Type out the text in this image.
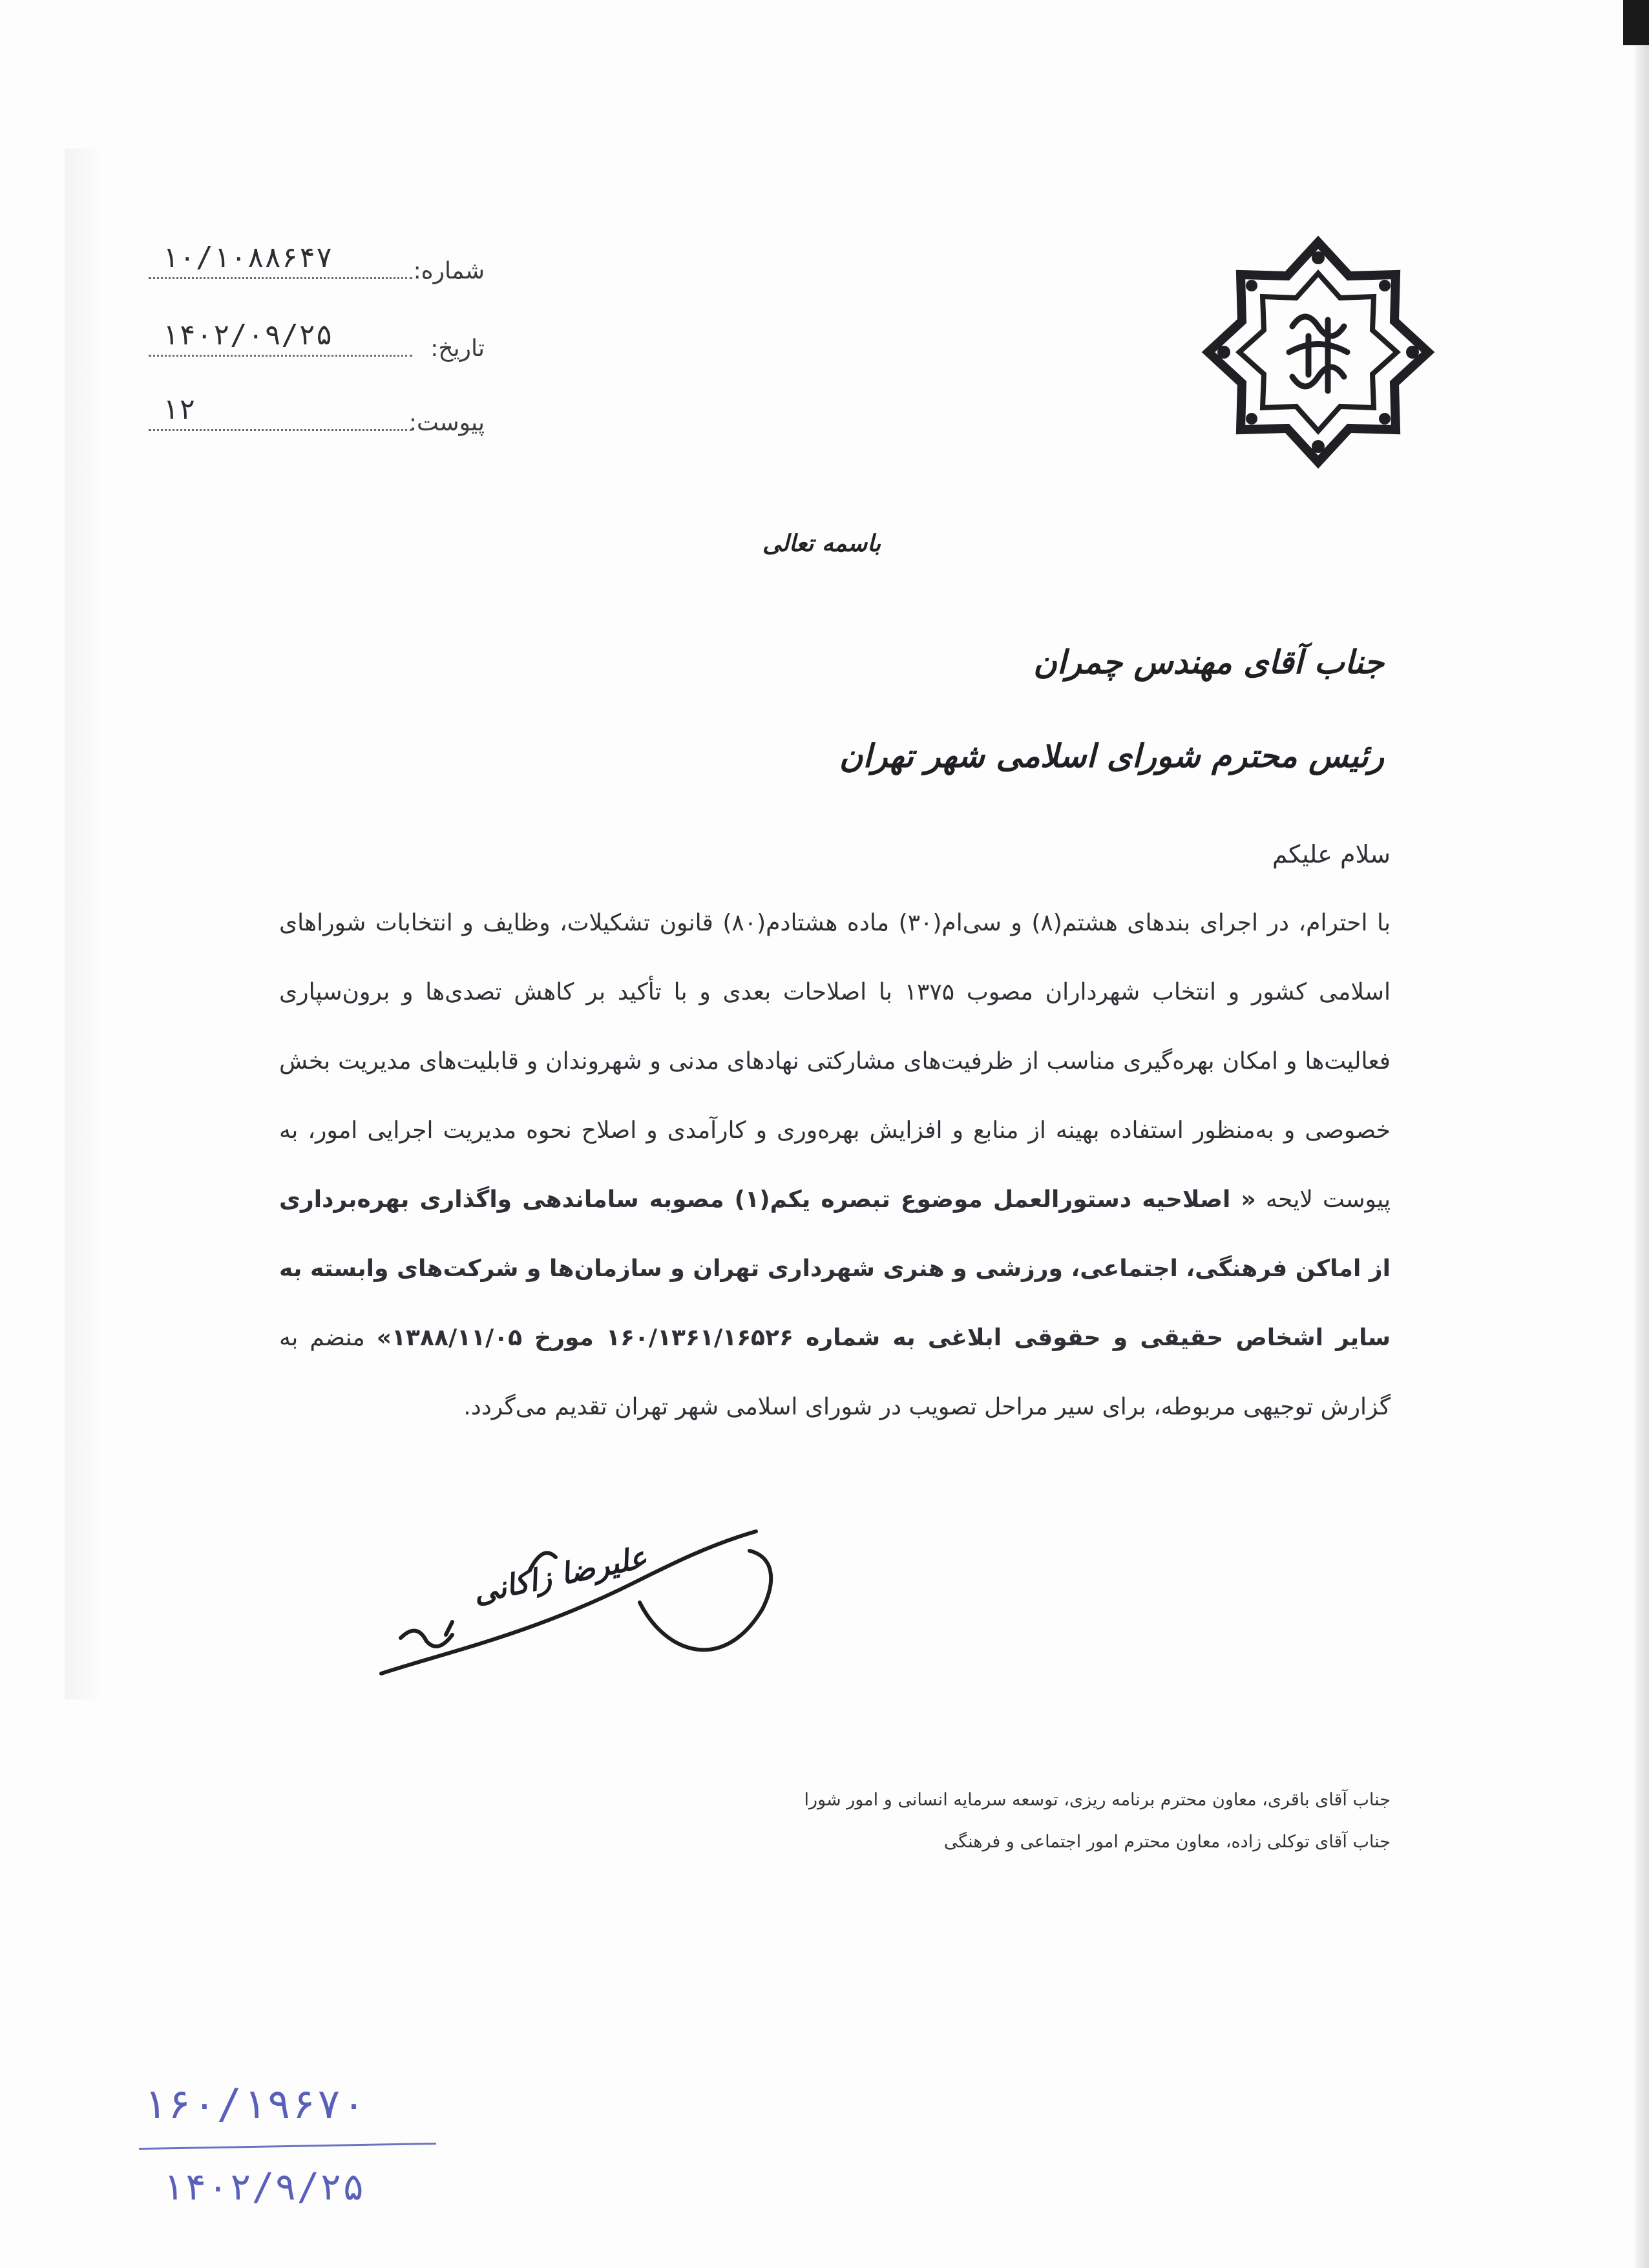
شماره:
۱۰/۱۰۸۸۶۴۷
تاریخ:
۱۴۰۲/۰۹/۲۵
پیوست:
۱۲
باسمه تعالی
جناب آقای مهندس چمران
رئیس محترم شورای اسلامی شهر تهران
سلام علیکم
با احترام، در اجرای بندهای هشتم(۸) و سی‌ام(۳۰) ماده هشتادم(۸۰) قانون تشکیلات، وظایف و انتخابات شوراهای اسلامی کشور و انتخاب شهرداران مصوب ۱۳۷۵ با اصلاحات بعدی و با تأکید بر کاهش تصدی‌ها و برون‌سپاری فعالیت‌ها و امکان بهره‌گیری مناسب از ظرفیت‌های مشارکتی نهادهای مدنی و شهروندان و قابلیت‌های مدیریت بخش خصوصی و به‌منظور استفاده بهینه از منابع و افزایش بهره‌وری و کارآمدی و اصلاح نحوه مدیریت اجرایی امور، به پیوست لایحه « اصلاحیه دستورالعمل موضوع تبصره یکم(۱) مصوبه ساماندهی واگذاری بهره‌برداری از اماکن فرهنگی، اجتماعی، ورزشی و هنری شهرداری تهران و سازمان‌ها و شرکت‌های وابسته به سایر اشخاص حقیقی و حقوقی ابلاغی به شماره ۱۶۰/۱۳۶۱/۱۶۵۲۶ مورخ ۱۳۸۸/۱۱/۰۵» منضم به گزارش توجیهی مربوطه، برای سیر مراحل تصویب در شورای اسلامی شهر تهران تقدیم می‌گردد.
علیرضا زاکانی
جناب آقای باقری، معاون محترم برنامه ریزی، توسعه سرمایه انسانی و امور شورا
جناب آقای توکلی زاده، معاون محترم امور اجتماعی و فرهنگی
۱۶۰/۱۹۶۷۰
۱۴۰۲/۹/۲۵
